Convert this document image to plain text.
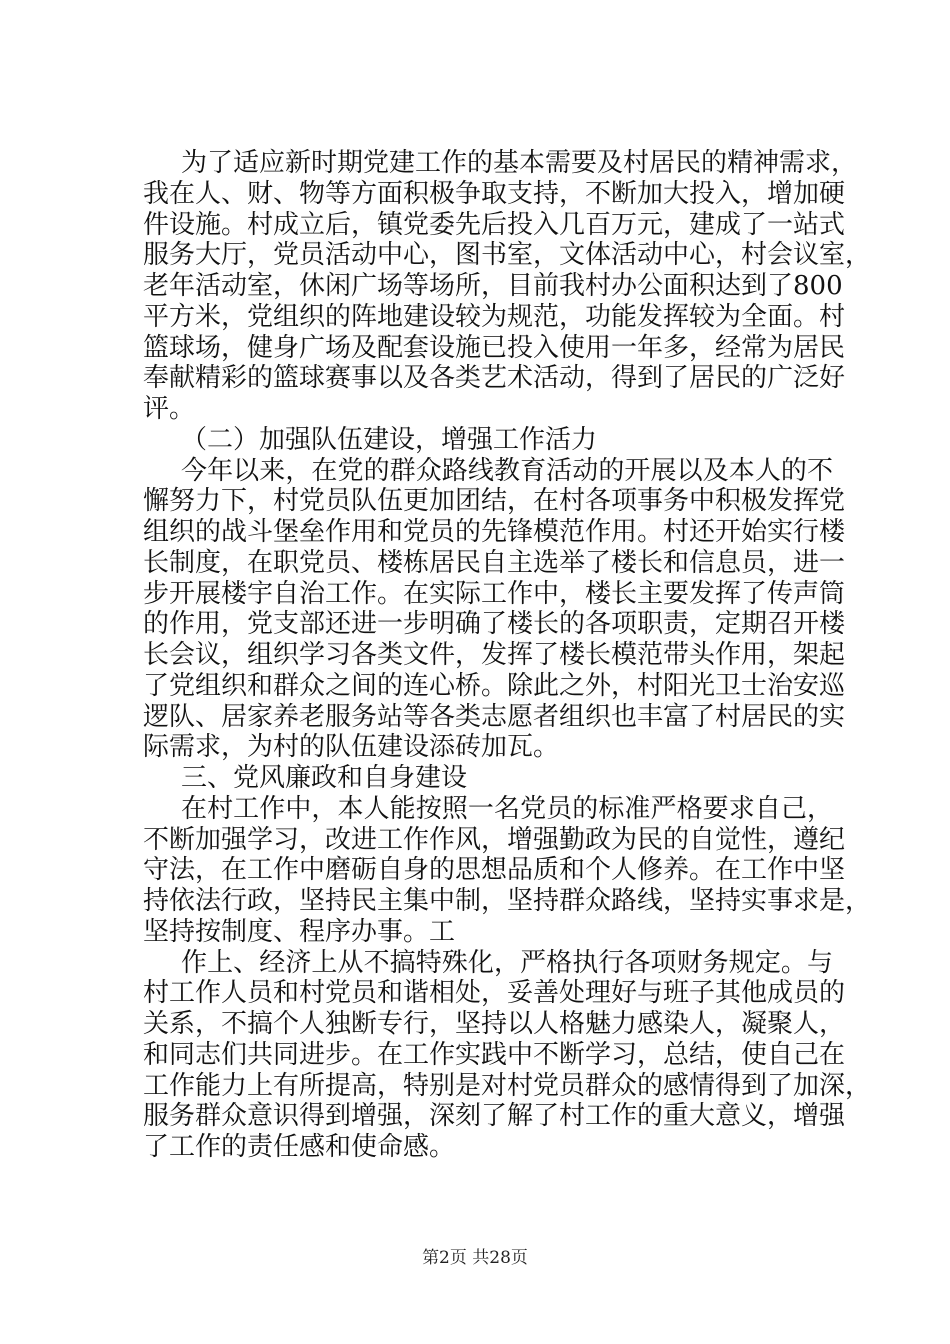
为了适应新时期党建工作的基本需要及村居民的精神需求，
我在人、财、物等方面积极争取支持，不断加大投入，增加硬
件设施。村成立后，镇党委先后投入几百万元，建成了一站式
服务大厅，党员活动中心，图书室，文体活动中心，村会议室，
老年活动室，休闲广场等场所，目前我村办公面积达到了800
平方米，党组织的阵地建设较为规范，功能发挥较为全面。村
篮球场，健身广场及配套设施已投入使用一年多，经常为居民
奉献精彩的篮球赛事以及各类艺术活动，得到了居民的广泛好
评。
（二）加强队伍建设，增强工作活力
今年以来，在党的群众路线教育活动的开展以及本人的不
懈努力下，村党员队伍更加团结，在村各项事务中积极发挥党
组织的战斗堡垒作用和党员的先锋模范作用。村还开始实行楼
长制度，在职党员、楼栋居民自主选举了楼长和信息员，进一
步开展楼宇自治工作。在实际工作中，楼长主要发挥了传声筒
的作用，党支部还进一步明确了楼长的各项职责，定期召开楼
长会议，组织学习各类文件，发挥了楼长模范带头作用，架起
了党组织和群众之间的连心桥。除此之外，村阳光卫士治安巡
逻队、居家养老服务站等各类志愿者组织也丰富了村居民的实
际需求，为村的队伍建设添砖加瓦。
三、党风廉政和自身建设
在村工作中，本人能按照一名党员的标准严格要求自己，
不断加强学习，改进工作作风，增强勤政为民的自觉性，遵纪
守法，在工作中磨砺自身的思想品质和个人修养。在工作中坚
持依法行政，坚持民主集中制，坚持群众路线，坚持实事求是，
坚持按制度、程序办事。工
作上、经济上从不搞特殊化，严格执行各项财务规定。与
村工作人员和村党员和谐相处，妥善处理好与班子其他成员的
关系，不搞个人独断专行，坚持以人格魅力感染人，凝聚人，
和同志们共同进步。在工作实践中不断学习，总结，使自己在
工作能力上有所提高，特别是对村党员群众的感情得到了加深，
服务群众意识得到增强，深刻了解了村工作的重大意义，增强
了工作的责任感和使命感。
第2页 共28页
